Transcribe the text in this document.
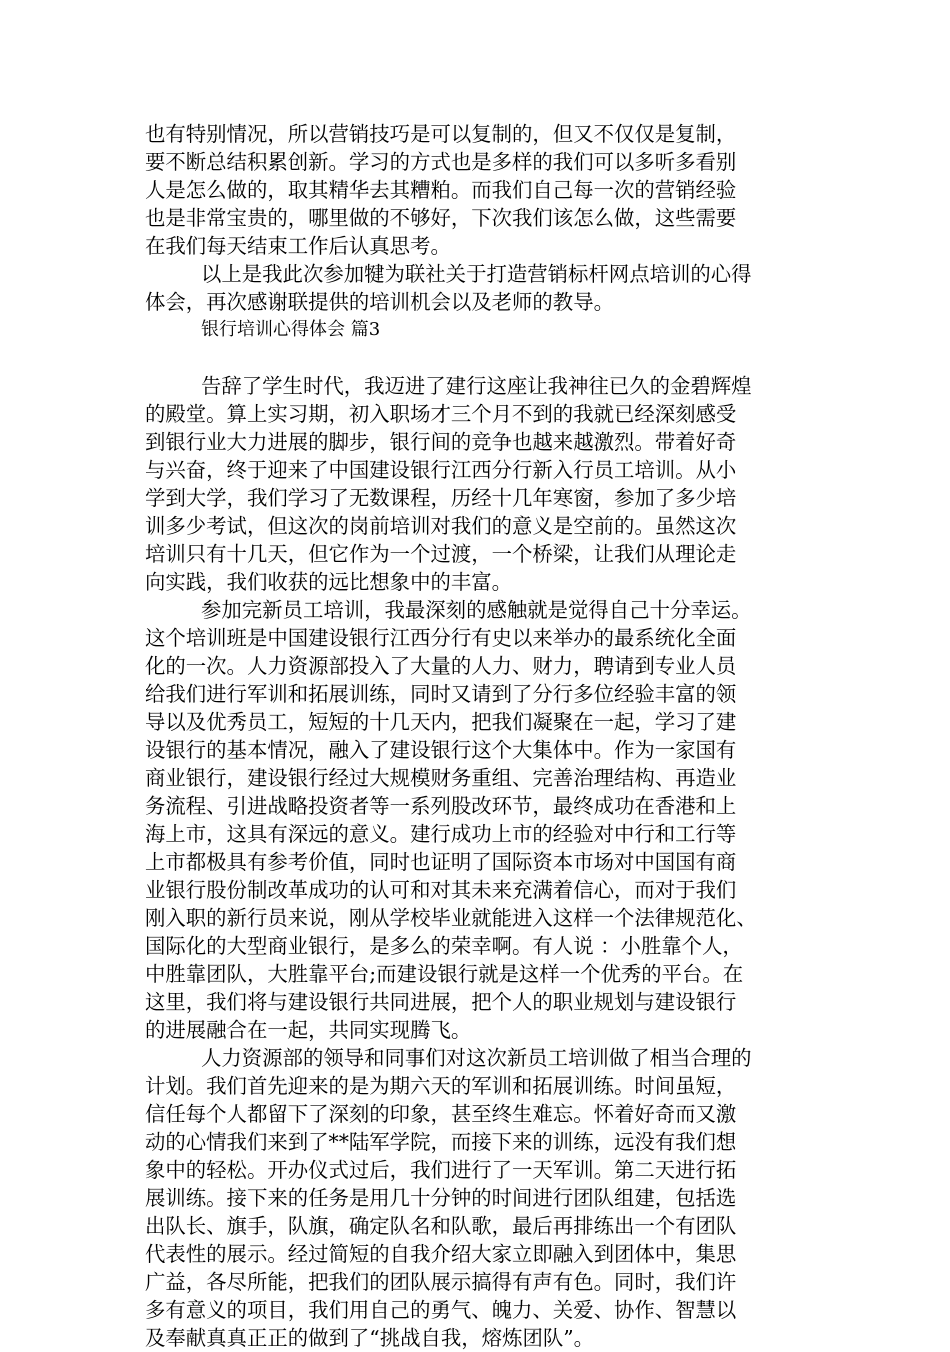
也有特别情况，所以营销技巧是可以复制的，但又不仅仅是复制，
要不断总结积累创新。学习的方式也是多样的我们可以多听多看别
人是怎么做的，取其精华去其糟粕。而我们自己每一次的营销经验
也是非常宝贵的，哪里做的不够好，下次我们该怎么做，这些需要
在我们每天结束工作后认真思考。
以上是我此次参加犍为联社关于打造营销标杆网点培训的心得
体会，再次感谢联提供的培训机会以及老师的教导。
银行培训心得体会 篇3
告辞了学生时代，我迈进了建行这座让我神往已久的金碧辉煌
的殿堂。算上实习期，初入职场才三个月不到的我就已经深刻感受
到银行业大力进展的脚步，银行间的竞争也越来越激烈。带着好奇
与兴奋，终于迎来了中国建设银行江西分行新入行员工培训。从小
学到大学，我们学习了无数课程，历经十几年寒窗，参加了多少培
训多少考试，但这次的岗前培训对我们的意义是空前的。虽然这次
培训只有十几天，但它作为一个过渡，一个桥梁，让我们从理论走
向实践，我们收获的远比想象中的丰富。
参加完新员工培训，我最深刻的感触就是觉得自己十分幸运。
这个培训班是中国建设银行江西分行有史以来举办的最系统化全面
化的一次。人力资源部投入了大量的人力、财力，聘请到专业人员
给我们进行军训和拓展训练，同时又请到了分行多位经验丰富的领
导以及优秀员工，短短的十几天内，把我们凝聚在一起，学习了建
设银行的基本情况，融入了建设银行这个大集体中。作为一家国有
商业银行，建设银行经过大规模财务重组、完善治理结构、再造业
务流程、引进战略投资者等一系列股改环节，最终成功在香港和上
海上市，这具有深远的意义。建行成功上市的经验对中行和工行等
上市都极具有参考价值，同时也证明了国际资本市场对中国国有商
业银行股份制改革成功的认可和对其未来充满着信心，而对于我们
刚入职的新行员来说，刚从学校毕业就能进入这样一个法律规范化、
国际化的大型商业银行，是多么的荣幸啊。有人说 ：小胜靠个人，
中胜靠团队，大胜靠平台;而建设银行就是这样一个优秀的平台。在
这里，我们将与建设银行共同进展，把个人的职业规划与建设银行
的进展融合在一起，共同实现腾飞。
人力资源部的领导和同事们对这次新员工培训做了相当合理的
计划。我们首先迎来的是为期六天的军训和拓展训练。时间虽短，
信任每个人都留下了深刻的印象，甚至终生难忘。怀着好奇而又激
动的心情我们来到了**陆军学院，而接下来的训练，远没有我们想
象中的轻松。开办仪式过后，我们进行了一天军训。第二天进行拓
展训练。接下来的任务是用几十分钟的时间进行团队组建，包括选
出队长、旗手，队旗，确定队名和队歌，最后再排练出一个有团队
代表性的展示。经过简短的自我介绍大家立即融入到团体中，集思
广益，各尽所能，把我们的团队展示搞得有声有色。同时，我们许
多有意义的项目，我们用自己的勇气、魄力、关爱、协作、智慧以
及奉献真真正正的做到了“挑战自我，熔炼团队”。
